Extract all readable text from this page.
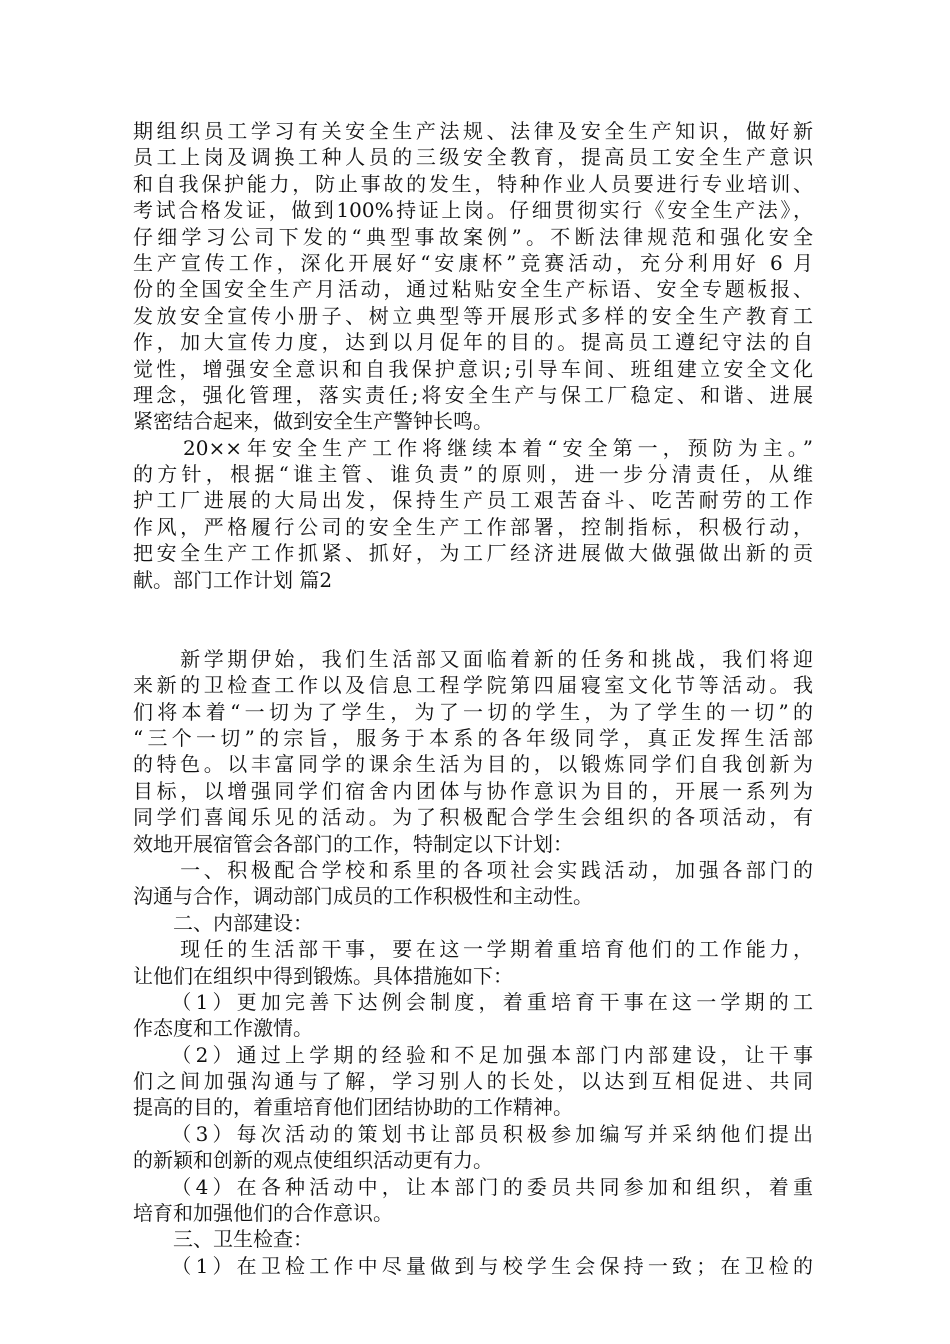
期组织员工学习有关安全生产法规、法律及安全生产知识，做好新
员工上岗及调换工种人员的三级安全教育，提高员工安全生产意识
和自我保护能力，防止事故的发生，特种作业人员要进行专业培训、
考试合格发证，做到100%持证上岗。仔细贯彻实行《安全生产法》，
仔细学习公司下发的“典型事故案例”。不断法律规范和强化安全
生产宣传工作，深化开展好“安康杯”竞赛活动，充分利用好 6 月
份的全国安全生产月活动，通过粘贴安全生产标语、安全专题板报、
发放安全宣传小册子、树立典型等开展形式多样的安全生产教育工
作，加大宣传力度，达到以月促年的目的。提高员工遵纪守法的自
觉性，增强安全意识和自我保护意识;引导车间、班组建立安全文化
理念，强化管理，落实责任;将安全生产与保工厂稳定、和谐、进展
紧密结合起来，做到安全生产警钟长鸣。
　　20××年安全生产工作将继续本着“安全第一，预防为主。”
的方针，根据“谁主管、谁负责”的原则，进一步分清责任，从维
护工厂进展的大局出发，保持生产员工艰苦奋斗、吃苦耐劳的工作
作风，严格履行公司的安全生产工作部署，控制指标，积极行动，
把安全生产工作抓紧、抓好，为工厂经济进展做大做强做出新的贡
献。部门工作计划 篇2
　　新学期伊始，我们生活部又面临着新的任务和挑战，我们将迎
来新的卫检查工作以及信息工程学院第四届寝室文化节等活动。我
们将本着“一切为了学生，为了一切的学生，为了学生的一切”的
“三个一切”的宗旨，服务于本系的各年级同学，真正发挥生活部
的特色。以丰富同学的课余生活为目的，以锻炼同学们自我创新为
目标，以增强同学们宿舍内团体与协作意识为目的，开展一系列为
同学们喜闻乐见的活动。为了积极配合学生会组织的各项活动，有
效地开展宿管会各部门的工作，特制定以下计划：
　　一、积极配合学校和系里的各项社会实践活动，加强各部门的
沟通与合作，调动部门成员的工作积极性和主动性。
　　二、内部建设：
　　现任的生活部干事，要在这一学期着重培育他们的工作能力，
让他们在组织中得到锻炼。具体措施如下：
　　（1）更加完善下达例会制度，着重培育干事在这一学期的工
作态度和工作激情。
　　（2）通过上学期的经验和不足加强本部门内部建设，让干事
们之间加强沟通与了解，学习别人的长处，以达到互相促进、共同
提高的目的，着重培育他们团结协助的工作精神。
　　（3）每次活动的策划书让部员积极参加编写并采纳他们提出
的新颖和创新的观点使组织活动更有力。
　　（4）在各种活动中，让本部门的委员共同参加和组织，着重
培育和加强他们的合作意识。
　　三、卫生检查：
　　（1）在卫检工作中尽量做到与校学生会保持一致；在卫检的
